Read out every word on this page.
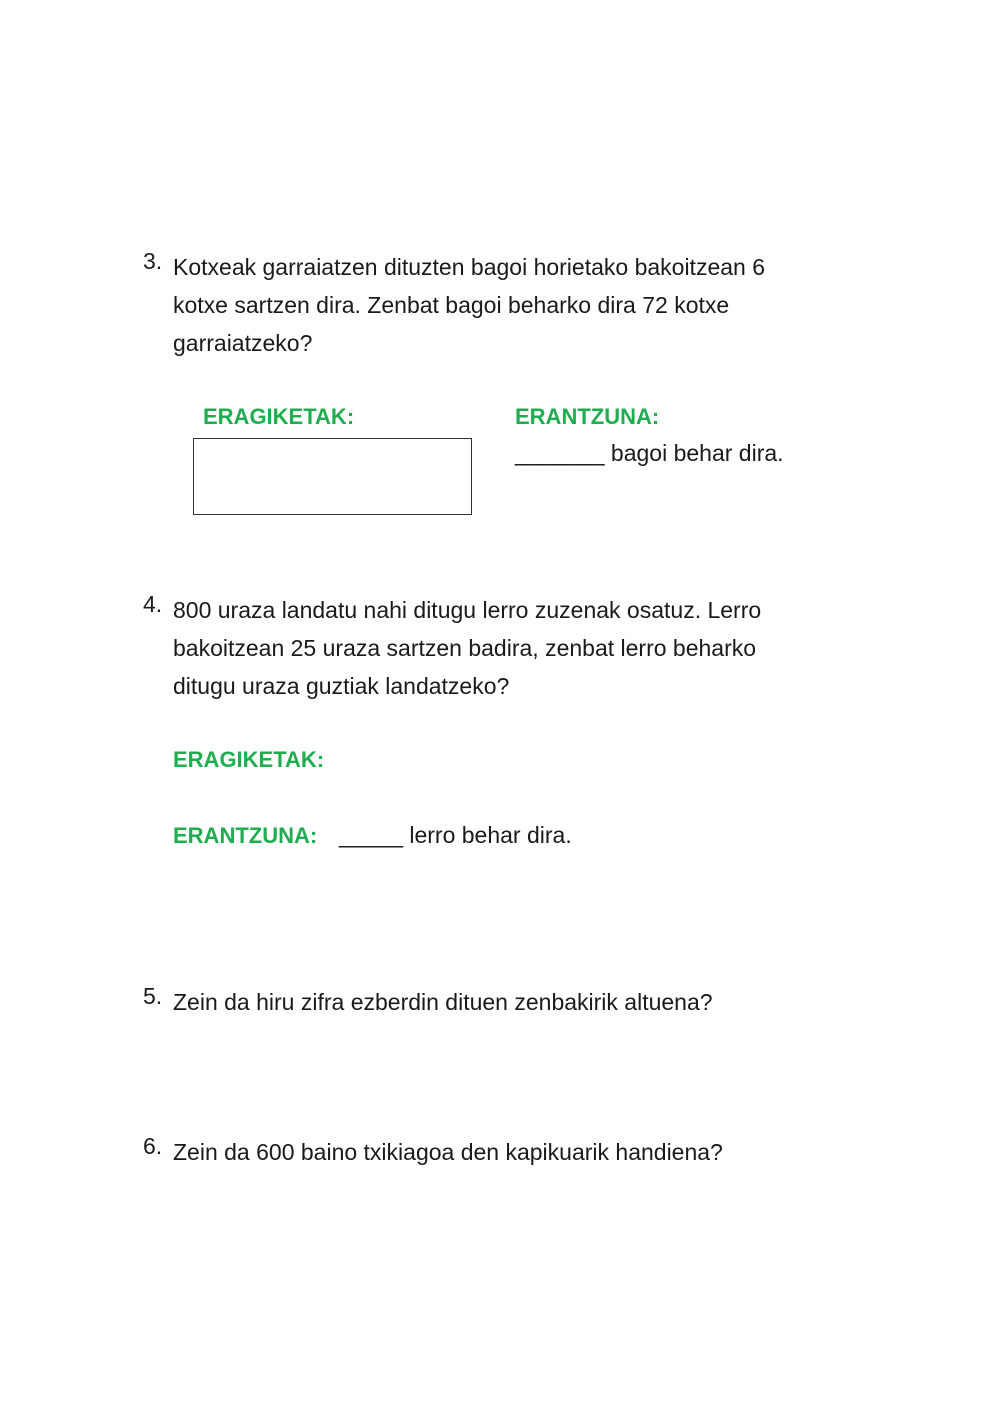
3. Kotxeak garraiatzen dituzten bagoi horietako bakoitzean 6
kotxe sartzen dira. Zenbat bagoi beharko dira 72 kotxe
garraiatzeko?
ERAGIKETAK:	ERANTZUNA:
_______ bagoi behar dira.
4. 800 uraza landatu nahi ditugu lerro zuzenak osatuz. Lerro
bakoitzean 25 uraza sartzen badira, zenbat lerro beharko
ditugu uraza guztiak landatzeko?
ERAGIKETAK:
ERANTZUNA: _____ lerro behar dira.
5. Zein da hiru zifra ezberdin dituen zenbakirik altuena?
6. Zein da 600 baino txikiagoa den kapikuarik handiena?
